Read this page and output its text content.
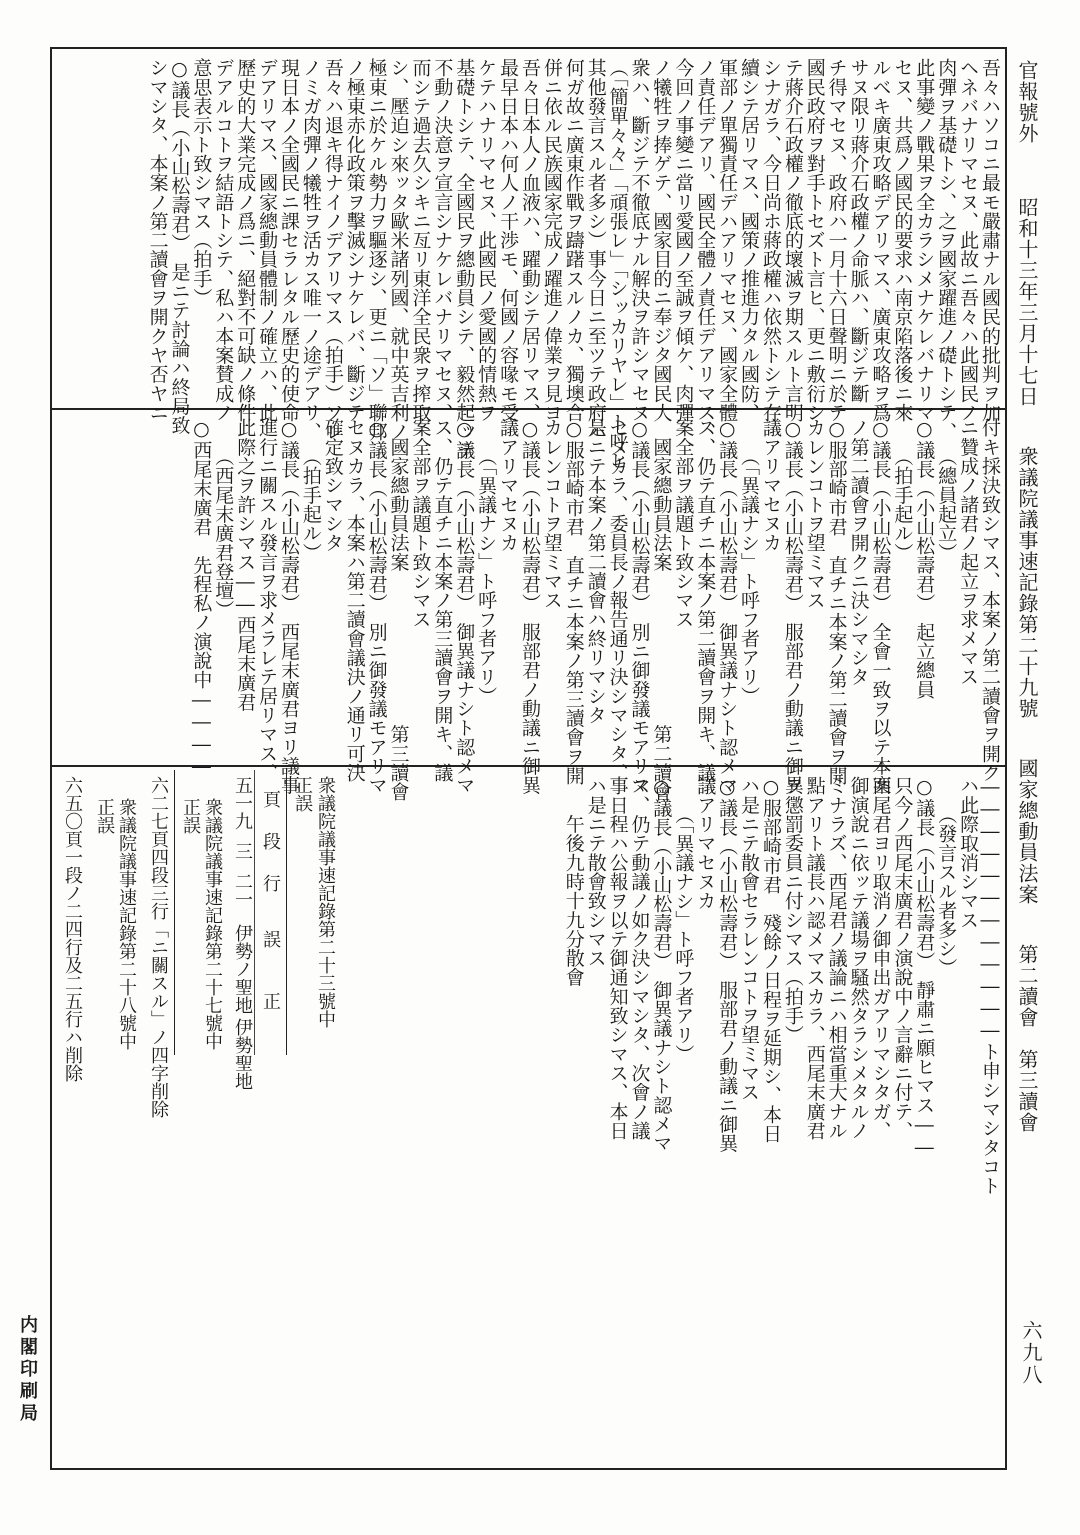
官報號外 昭和十三年三月十七日 衆議院議事速記錄第二十九號 國家總動員法案 第二讀會　第三讀會
六九八
内閣印刷局
吾々ハソコニ最モ嚴肅ナル國民的批判ヲ加
ヘネバナリマセヌ、此故ニ吾々ハ此國民ノ
肉彈ヲ基礎トシ、之ヲ國家躍進ノ礎トシテ、
此事變ノ戰果ヲ全カラシメナケレバナリマ
セヌ、共爲ノ國民的要求ハ南京陷落後ニ來
ルベキ廣東攻略デアリマス、廣東攻略ヲ爲
サヌ限リ蔣介石政權ノ命脈ハ、斷ジテ斷
チ得マセヌ、政府ハ一月十六日聲明ニ於テ
國民政府ヲ對手トセズト言ヒ、更ニ敷衍シ
テ蔣介石政權ノ徹底的壞滅ヲ期スルト言明
シナガラ、今日尚ホ蔣政權ハ依然トシテ存
續シテ居リマス、國策ノ推進力タル國防、
軍部ノ單獨責任デハアリマセヌ、國家全體
ノ責任デアリ、國民全體ノ責任デアリマス、
今回ノ事變ニ當リ愛國ノ至誠ヲ傾ケ、肉彈
ノ犧牲ヲ捧ゲテ、國家目的ニ奉ジタ國民大
衆ハ、斷ジテ不徹底ナル解決ヲ許シマセヌ
（「簡單々々」「頑張レ」「シッカリヤレ」ト呼ヒ
其他發言スル者多シ）事今日ニ至ツテ政府ハ
何ガ故ニ廣東作戰ヲ躊躇スルノカ、獨墺合
併ニ依ル民族國家完成ノ躍進ノ偉業ヲ見ヨ
吾々日本人ノ血液ハ、躍動シテ居リマス、
最早日本ハ何人ノ干渉モ、何國ノ容喙モ受
ケテハナリマセヌ、此國民ノ愛國的情熱ヲ
基礎トシテ、全國民ヲ總動員シテ、毅然起ッテ
不動ノ決意ヲ宣言シナケレバナリマセヌ、
而シテ過去久シキニ亙リ東洋全民衆ヲ搾取
シ、壓迫シ來ッタ歐米諸列國、就中英吉利ノ
極東ニ於ケル勢力ヲ驅逐シ、更ニ「ソ」聯邦
ノ極東赤化政策ヲ擊滅シナケレバ、斷ジテ
吾々ハ退キ得ナイノデアリマス（拍手）ソレ
ノミガ肉彈ノ犧牲ヲ活カス唯一ノ途デアリ、
現日本ノ全國民ニ課セラレタル歷史的使命
デアリマス、國家總動員體制ノ確立ハ、此
歷史的大業完成ノ爲ニ、絕對不可缺ノ條件
デアルコトヲ結語トシテ、私ハ本案賛成ノ
意思表示ト致シマス（拍手）
○議長（小山松壽君）　是ニテ討論ハ終局致
シマシタ、本案ノ第二讀會ヲ開クヤ否ヤニ
付キ採決致シマス、本案ノ第二讀會ヲ開ク
ニ贊成ノ諸君ノ起立ヲ求メマス
　　（總員起立）
○議長（小山松壽君）　起立總員
　　（拍手起ル）
○議長（小山松壽君）　全會一致ヲ以テ本案
ノ第二讀會ヲ開クニ決シマシタ
○服部崎市君　直チニ本案ノ第二讀會ヲ開
カレンコトヲ望ミマス
○議長（小山松壽君）　服部君ノ動議ニ御異
議アリマセヌカ
　　（「異議ナシ」ト呼フ者アリ）
○議長（小山松壽君）　御異議ナシト認メマ
ス、仍テ直チニ本案ノ第二讀會ヲ開キ、議
案全部ヲ議題ト致シマス
　國家總動員法案　　　　　　　　第二讀會
○議長（小山松壽君）　別ニ御發議モアリマ
セヌカラ、委員長ノ報告通リ決シマシタ、
是ニテ本案ノ第二讀會ハ終リマシタ
○服部崎市君　直チニ本案ノ第三讀會ヲ開
カレンコトヲ望ミマス
○議長（小山松壽君）　服部君ノ動議ニ御異
議アリマセヌカ
　　（「異議ナシ」ト呼フ者アリ）
○議長（小山松壽君）　御異議ナシト認メマ
ス、仍テ直チニ本案ノ第三讀會ヲ開キ、議
案全部ヲ議題ト致シマス
　國家總動員法案　　　　　　　　第三讀會
○議長（小山松壽君）　別ニ御發議モアリマ
セヌカラ、本案ハ第二讀會議決ノ通リ可決
確定致シマシタ
　　（拍手起ル）
○議長（小山松壽君）　西尾末廣君ヨリ議事
進行ニ關スル發言ヲ求メラレテ居リマス、
此際之ヲ許シマス――西尾末廣君
　　（西尾末廣君登壇）
○西尾末廣君　先程私ノ演說中――――
――――――――――――ト申シマシタコト
ハ此際取消シマス
　　（發言スル者多シ）
○議長（小山松壽君）　靜肅ニ願ヒマス――
只今ノ西尾末廣君ノ演說中ノ言辭ニ付テ、
西尾君ヨリ取消ノ御申出ガアリマシタガ、
御演說ニ依ッテ議場ヲ騷然タラシメタルノ
ミナラズ、西尾君ノ議論ニハ相當重大ナル
點アリト議長ハ認メマスカラ、西尾末廣君
ヲ懲罰委員ニ付シマス（拍手）
○服部崎市君　殘餘ノ日程ヲ延期シ、本日
ハ是ニテ散會セラレンコトヲ望ミマス
○議長（小山松壽君）　服部君ノ動議ニ御異
議アリマセヌカ
　　（「異議ナシ」ト呼フ者アリ）
○議長（小山松壽君）　御異議ナシト認メマ
ス、仍テ動議ノ如ク決シマシタ、次會ノ議
事日程ハ公報ヲ以テ御通知致シマス、本日
ハ是ニテ散會致シマス
　　午後九時十九分散會
衆議院議事速記錄第二十三號中
正誤
頁
段
行
誤
正
五一九
三
二一
伊勢ノ聖地
伊勢聖地
衆議院議事速記錄第二十七號中
正誤
六二七頁四段三行「ニ關スル」ノ四字削除
衆議院議事速記錄第二十八號中
正誤
六五〇頁一段ノ二四行及二五行ハ削除
